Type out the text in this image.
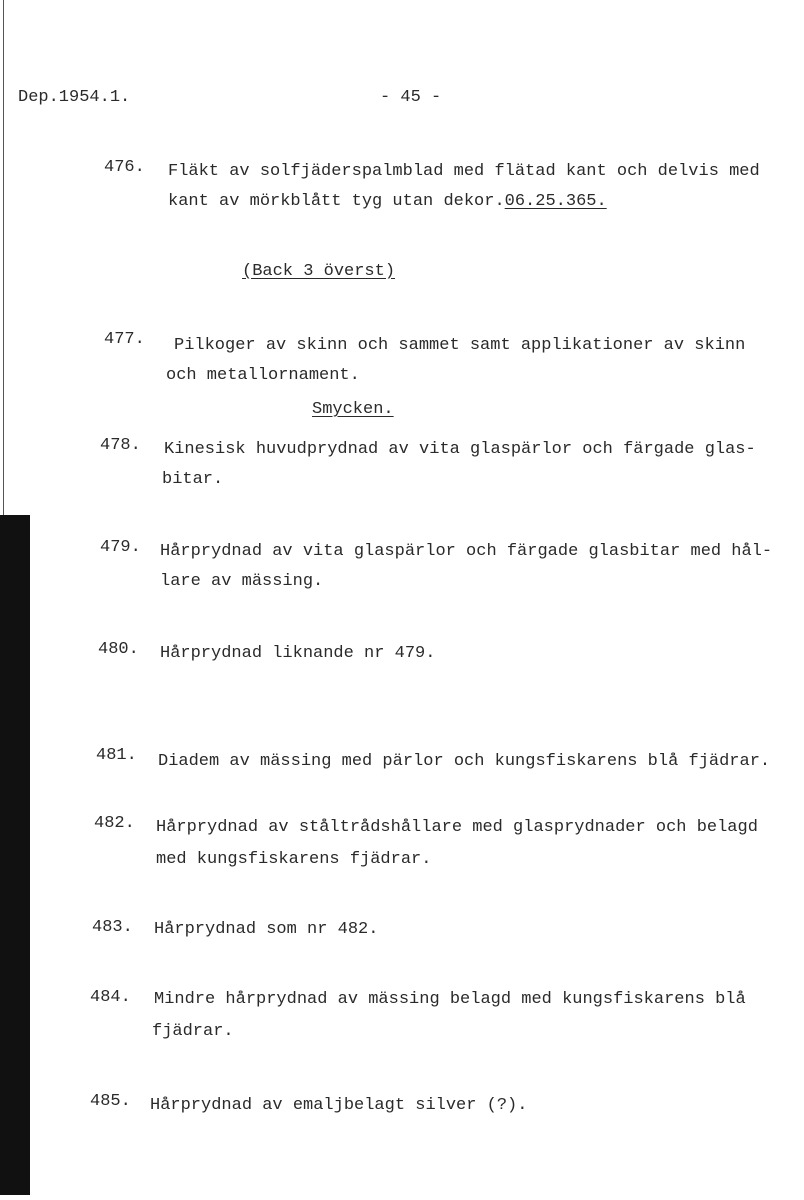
Dep.1954.1.	- 45 -
476. Fläkt av solfjäderspalmblad med flätad kant och delvis med
kant av mörkblått tyg utan dekor.06.25.365.
(Back 3 överst)
477. Pilkoger av skinn och sammet samt applikationer av skinn
och metallornament.
Smycken.
478. Kinesisk huvudprydnad av vita glaspärlor och färgade glas-
bitar.
479. Hårprydnad av vita glaspärlor och färgade glasbitar med hål-
lare av mässing.
480. Hårprydnad liknande nr 479.
481. Diadem av mässing med pärlor och kungsfiskarens blå fjädrar.
482. Hårprydnad av ståltrådshållare med glasprydnader och belagd
med kungsfiskarens fjädrar.
483. Hårprydnad som nr 482.
484. Mindre hårprydnad av mässing belagd med kungsfiskarens blå
fjädrar.
485. Hårprydnad av emaljbelagt silver (?).
